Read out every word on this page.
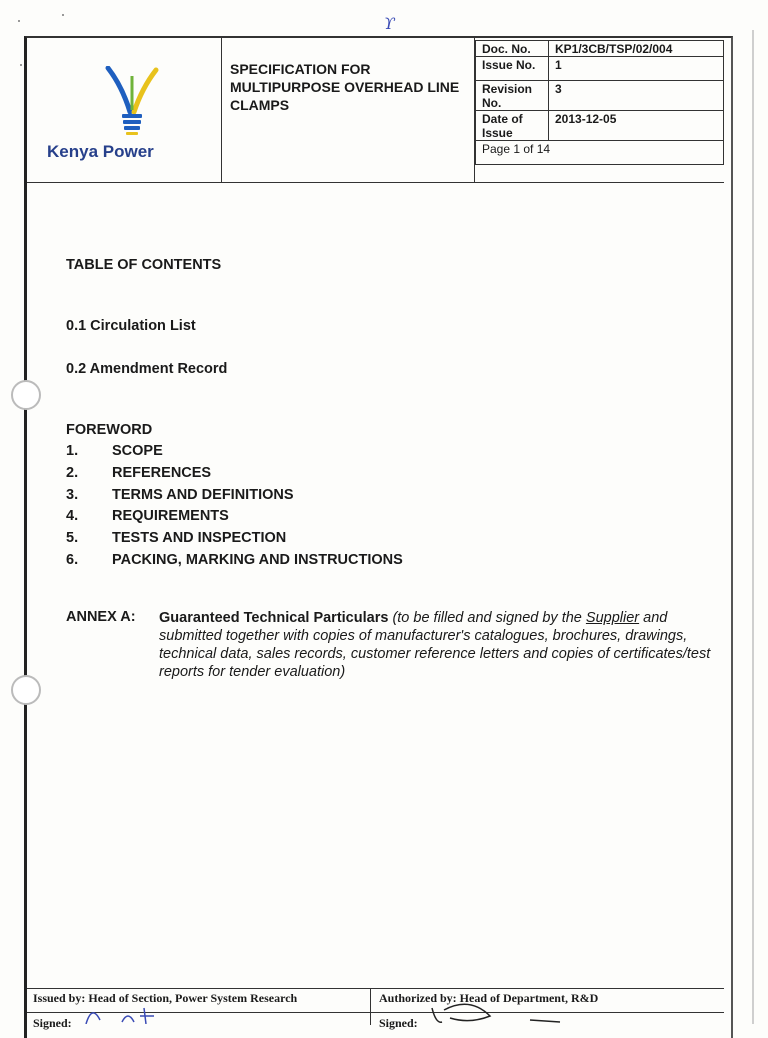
ϒ
Kenya Power
SPECIFICATION FOR MULTIPURPOSE OVERHEAD LINE CLAMPS
Doc. No.	KP1/3CB/TSP/02/004
Issue No.	1
Revision No.	3
Date of Issue	2013-12-05
Page 1 of 14	
TABLE OF CONTENTS
0.1 Circulation List
0.2 Amendment Record
FOREWORD
1. SCOPE
2. REFERENCES
3. TERMS AND DEFINITIONS
4. REQUIREMENTS
5. TESTS AND INSPECTION
6. PACKING, MARKING AND INSTRUCTIONS
ANNEX A: Guaranteed Technical Particulars (to be filled and signed by the Supplier and submitted together with copies of manufacturer's catalogues, brochures, drawings, technical data, sales records, customer reference letters and copies of certificates/test reports for tender evaluation)
Issued by: Head of Section, Power System Research
Signed:
Authorized by: Head of Department, R&D
Signed:
